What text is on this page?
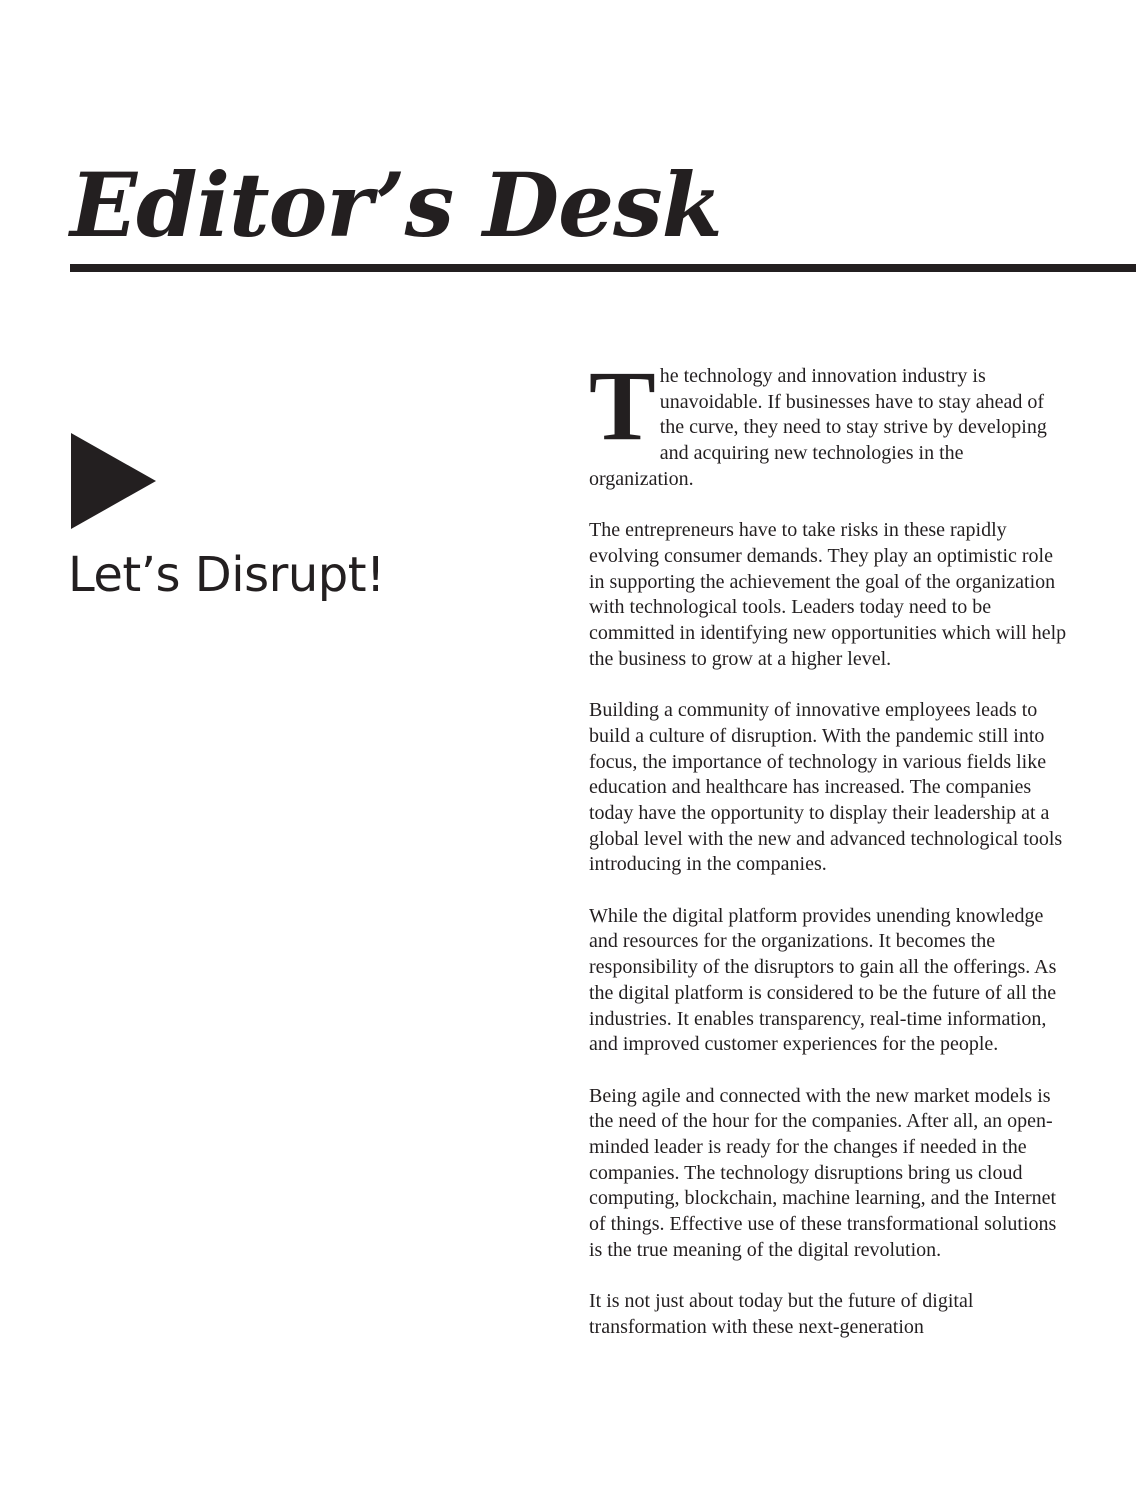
Editor’s Desk
Let’s Disrupt!

The technology and innovation industry is unavoidable. If businesses have to stay ahead of the curve, they need to stay strive by developing and acquiring new technologies in the organization.

The entrepreneurs have to take risks in these rapidly evolving consumer demands. They play an optimistic role in supporting the achievement the goal of the organization with technological tools. Leaders today need to be committed in identifying new opportunities which will help the business to grow at a higher level.

Building a community of innovative employees leads to build a culture of disruption. With the pandemic still into focus, the importance of technology in various fields like education and healthcare has increased. The companies today have the opportunity to display their leadership at a global level with the new and advanced technological tools introducing in the companies.

While the digital platform provides unending knowledge and resources for the organizations. It becomes the responsibility of the disruptors to gain all the offerings. As the digital platform is considered to be the future of all the industries. It enables transparency, real-time information, and improved customer experiences for the people.

Being agile and connected with the new market models is the need of the hour for the companies. After all, an open-minded leader is ready for the changes if needed in the companies. The technology disruptions bring us cloud computing, blockchain, machine learning, and the Internet of things. Effective use of these transformational solutions is the true meaning of the digital revolution.

It is not just about today but the future of digital transformation with these next-generation
